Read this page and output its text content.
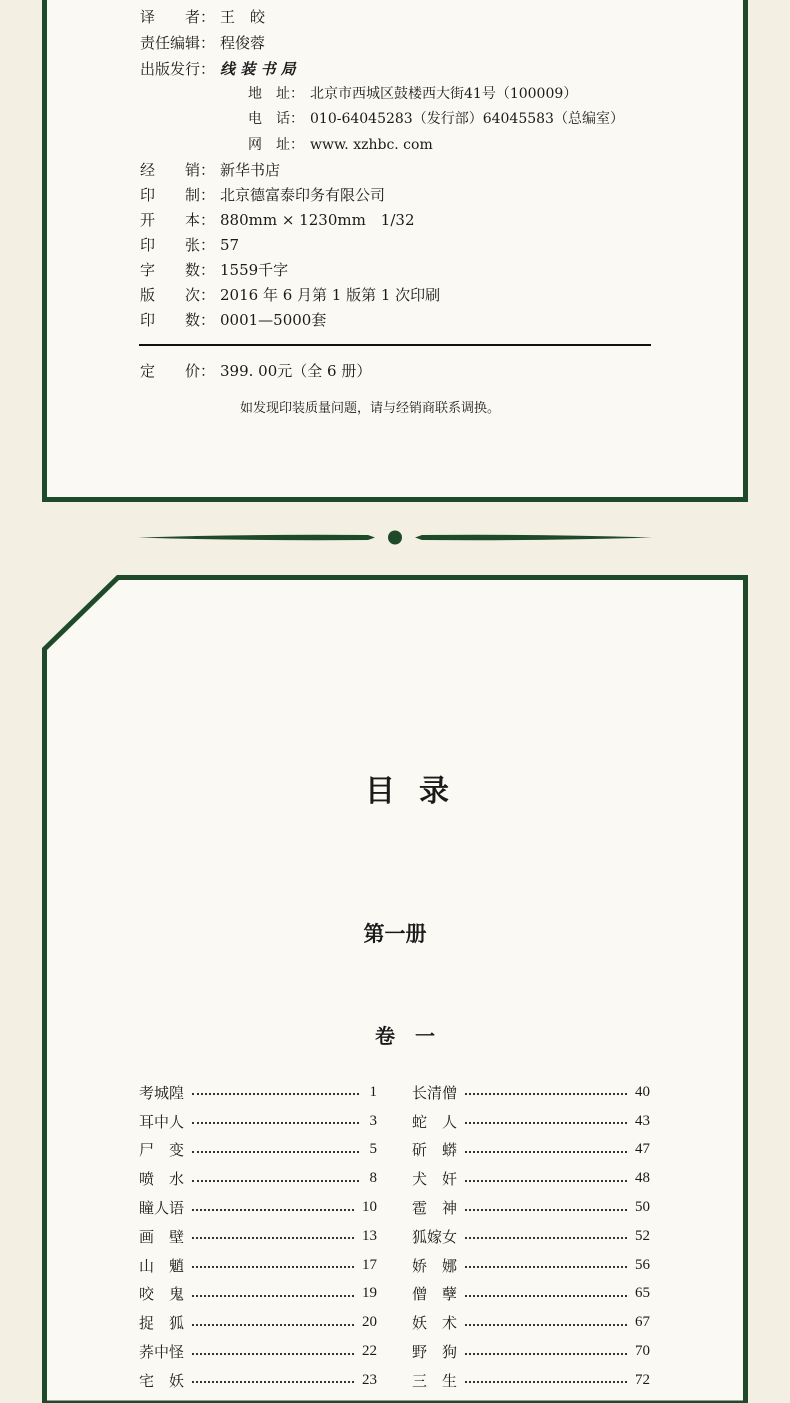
译　　者： 王　皎
责任编辑： 程俊蓉
出版发行： 线 装 书 局
地　址： 北京市西城区鼓楼西大街41号（100009）
电　话： 010-64045283（发行部）64045583（总编室）
网　址： www. xzhbc. com
经　　销： 新华书店
印　　制： 北京德富泰印务有限公司
开　　本： 880mm × 1230mm　1/32
印　　张： 57
字　　数： 1559千字
版　　次： 2016 年 6 月第 1 版第 1 次印刷
印　　数： 0001—5000套
定　　价： 399. 00元（全 6 册）
如发现印装质量问题，请与经销商联系调换。
目录
第一册
卷一
考城隍	1
耳中人	3
尸　变	5
喷　水	8
瞳人语	10
画　壁	13
山　魈	17
咬　鬼	19
捉　狐	20
荞中怪	22
宅　妖	23
长清僧	40
蛇　人	43
斫　蟒	47
犬　奸	48
雹　神	50
狐嫁女	52
娇　娜	56
僧　孽	65
妖　术	67
野　狗	70
三　生	72
